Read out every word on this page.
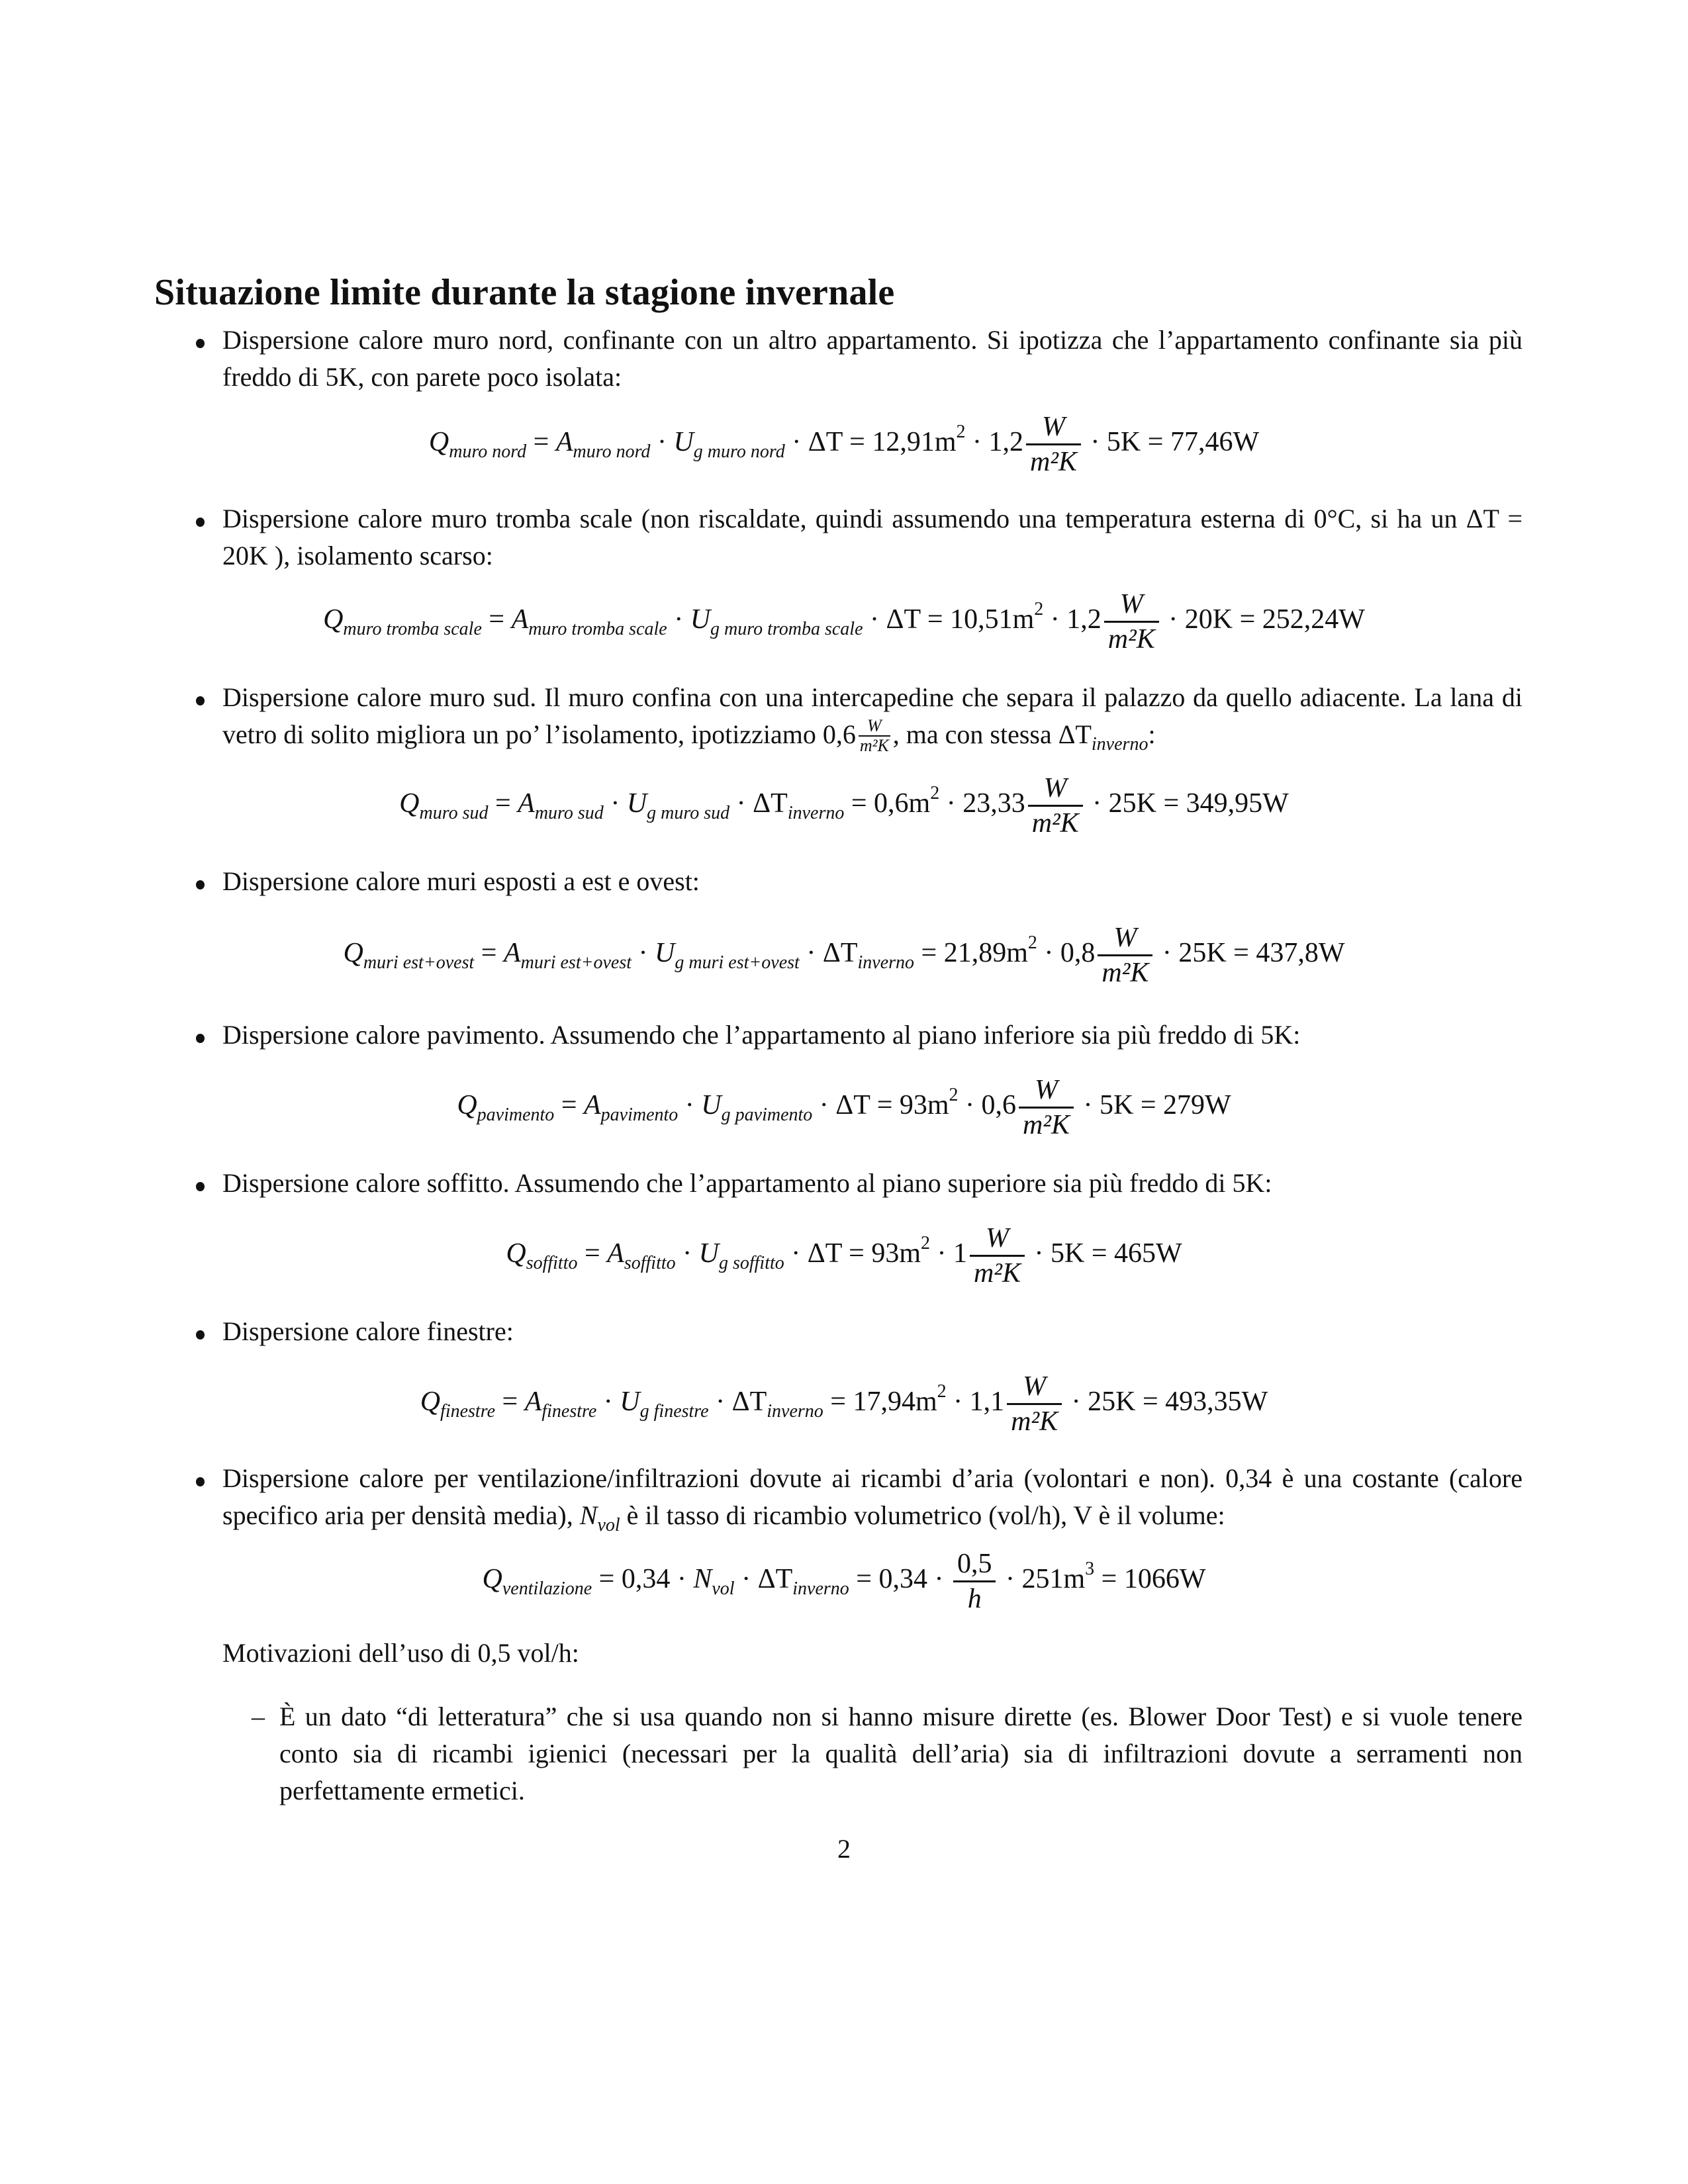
Situazione limite durante la stagione invernale
Dispersione calore muro nord, confinante con un altro appartamento. Si ipotizza che l’appartamento confinante sia più freddo di 5K, con parete poco isolata:
$Q_{muro nord} = A_{muro nord} \cdot U_{g muro nord} \cdot \Delta T = 12,91m^2 \cdot 1,2 \frac{W}{\text{m²K}} \cdot 5K = 77,46W$
Dispersione calore muro tromba scale (non riscaldate, quindi assumendo una temperatura esterna di 0°C, si ha un ΔT = 20K ), isolamento scarso:
$Q_{muro tromba scale} = A_{muro tromba scale} \cdot U_{g muro tromba scale} \cdot \Delta T = 10,51m^2 \cdot 1,2 \frac{W}{\text{m²K}} \cdot 20K = 252,24W$
Dispersione calore muro sud. Il muro confina con una intercapedine che separa il palazzo da quello adiacente. La lana di vetro di solito migliora un po’ l’isolamento, ipotizziamo $0,6 \frac{W}{\text{m²K}}$ , ma con stessa $\Delta T_{inverno}$:
$Q_{muro sud} = A_{muro sud} \cdot U_{g muro sud} \cdot \Delta T_{inverno} = 0,6m^2 \cdot 23,33 \frac{W}{\text{m²K}} \cdot 25K = 349,95W$
Dispersione calore muri esposti a est e ovest:
$Q_{muri est+ovest} = A_{muri est+ovest} \cdot U_{g muri est+ovest} \cdot \Delta T_{inverno} = 21,89m^2 \cdot 0,8 \frac{W}{\text{m²K}} \cdot 25K = 437,8W$
Dispersione calore pavimento. Assumendo che l’appartamento al piano inferiore sia più freddo di 5K:
$Q_{pavimento} = A_{pavimento} \cdot U_{g pavimento} \cdot \Delta T = 93m^2 \cdot 0,6 \frac{W}{\text{m²K}} \cdot 5K = 279W$
Dispersione calore soffitto. Assumendo che l’appartamento al piano superiore sia più freddo di 5K:
$Q_{soffitto} = A_{soffitto} \cdot U_{g soffitto} \cdot \Delta T = 93m^2 \cdot 1 \frac{W}{\text{m²K}} \cdot 5K = 465W$
Dispersione calore finestre:
$Q_{finestre} = A_{finestre} \cdot U_{g finestre} \cdot \Delta T_{inverno} = 17,94m^2 \cdot 1,1 \frac{W}{\text{m²K}} \cdot 25K = 493,35W$
Dispersione calore per ventilazione/infiltrazioni dovute ai ricambi d’aria (volontari e non). 0,34 è una costante (calore specifico aria per densità media), $N_{vol}$ è il tasso di ricambio volumetrico (vol/h), V è il volume:
$Q_{ventilazione} = 0,34 \cdot N_{vol} \cdot \Delta T_{inverno} = 0,34 \cdot \frac{0,5}{h} \cdot 251m^3 = 1066W$
Motivazioni dell’uso di 0,5 vol/h:
– È un dato “di letteratura” che si usa quando non si hanno misure dirette (es. Blower Door Test) e si vuole tenere conto sia di ricambi igienici (necessari per la qualità dell’aria) sia di infiltrazioni dovute a serramenti non perfettamente ermetici.
2
